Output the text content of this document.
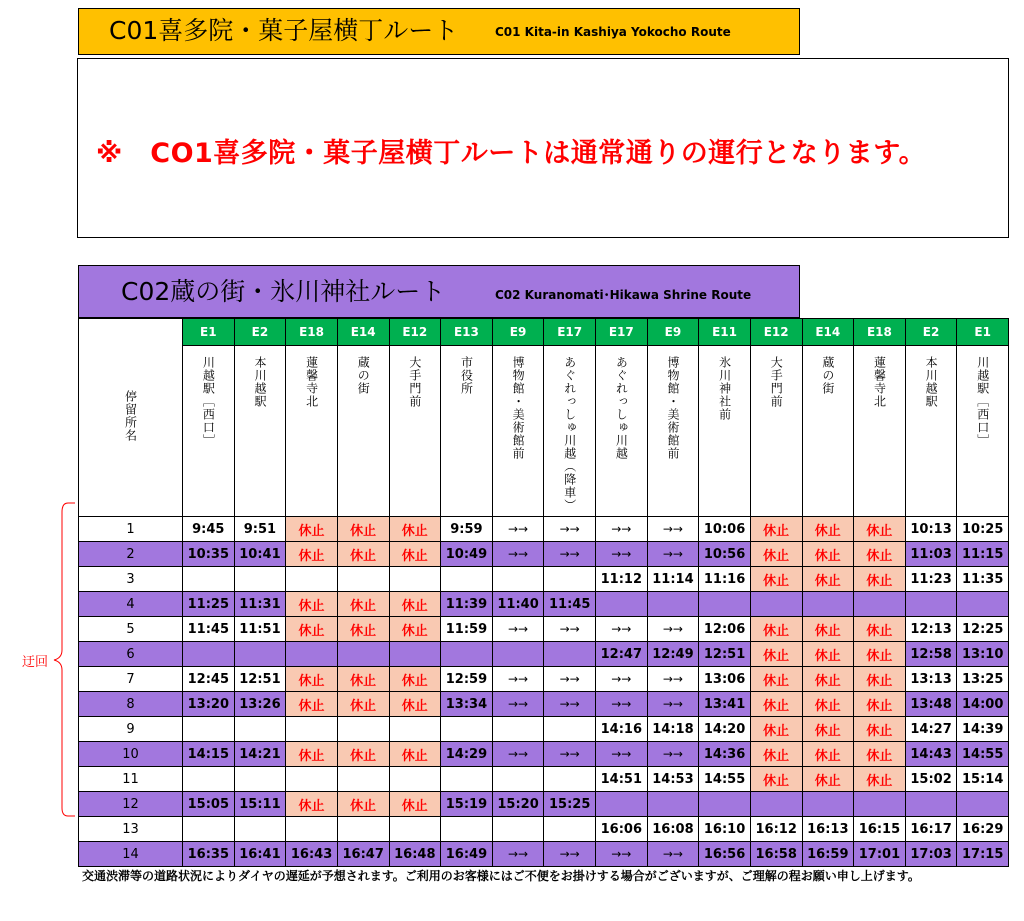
C01喜多院・菓子屋横丁ルート	C01 Kita-in Kashiya Yokocho Route
※　CO1喜多院・菓子屋横丁ルートは通常通りの運行となります。
C02蔵の街・氷川神社ルート	C02 Kuranomati･Hikawa Shrine Route
停留所名	E1	E2	E18	E14	E12	E13	E9	E17	E17	E9	E11	E12	E14	E18	E2	E1
	川越駅［西口］	本川越駅	蓮馨寺北	蔵の街	大手門前	市役所	博物館・美術館前	あぐれっしゅ川越（降車）	あぐれっしゅ川越	博物館・美術館前	氷川神社前	大手門前	蔵の街	蓮馨寺北	本川越駅	川越駅［西口］
1	9:45	9:51	休止	休止	休止	9:59	→→	→→	→→	→→	10:06	休止	休止	休止	10:13	10:25
2	10:35	10:41	休止	休止	休止	10:49	→→	→→	→→	→→	10:56	休止	休止	休止	11:03	11:15
3									11:12	11:14	11:16	休止	休止	休止	11:23	11:35
4	11:25	11:31	休止	休止	休止	11:39	11:40	11:45								
5	11:45	11:51	休止	休止	休止	11:59	→→	→→	→→	→→	12:06	休止	休止	休止	12:13	12:25
6									12:47	12:49	12:51	休止	休止	休止	12:58	13:10
7	12:45	12:51	休止	休止	休止	12:59	→→	→→	→→	→→	13:06	休止	休止	休止	13:13	13:25
8	13:20	13:26	休止	休止	休止	13:34	→→	→→	→→	→→	13:41	休止	休止	休止	13:48	14:00
9									14:16	14:18	14:20	休止	休止	休止	14:27	14:39
10	14:15	14:21	休止	休止	休止	14:29	→→	→→	→→	→→	14:36	休止	休止	休止	14:43	14:55
11									14:51	14:53	14:55	休止	休止	休止	15:02	15:14
12	15:05	15:11	休止	休止	休止	15:19	15:20	15:25								
13									16:06	16:08	16:10	16:12	16:13	16:15	16:17	16:29
14	16:35	16:41	16:43	16:47	16:48	16:49	→→	→→	→→	→→	16:56	16:58	16:59	17:01	17:03	17:15
迂回
交通渋滞等の道路状況によりダイヤの遅延が予想されます。ご利用のお客様にはご不便をお掛けする場合がございますが、ご理解の程お願い申し上げます。
